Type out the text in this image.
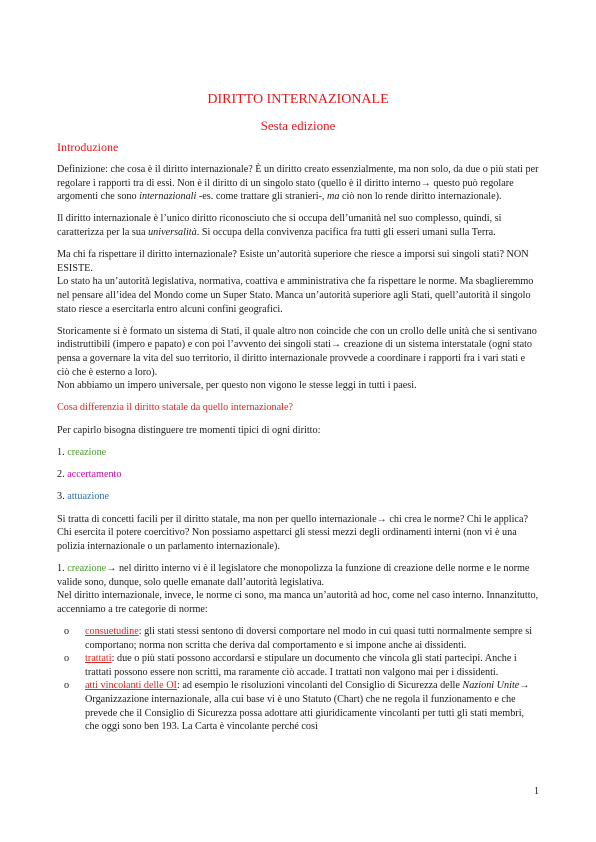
DIRITTO INTERNAZIONALE
Sesta edizione
Introduzione

Definizione: che cosa è il diritto internazionale? È un diritto creato essenzialmente, ma non solo, da due o più stati per regolare i rapporti tra di essi. Non è il diritto di un singolo stato (quello è il diritto interno→ questo può regolare argomenti che sono internazionali -es. come trattare gli stranieri-, ma ciò non lo rende diritto internazionale).

Il diritto internazionale è l’unico diritto riconosciuto che si occupa dell’umanità nel suo complesso, quindi, si caratterizza per la sua universalità. Si occupa della convivenza pacifica fra tutti gli esseri umani sulla Terra.

Ma chi fa rispettare il diritto internazionale? Esiste un’autorità superiore che riesce a imporsi sui singoli stati? NON ESISTE.
Lo stato ha un’autorità legislativa, normativa, coattiva e amministrativa che fa rispettare le norme. Ma sbaglieremmo nel pensare all’idea del Mondo come un Super Stato. Manca un’autorità superiore agli Stati, quell’autorità il singolo stato riesce a esercitarla entro alcuni confini geografici.

Storicamente si è formato un sistema di Stati, il quale altro non coincide che con un crollo delle unità che si sentivano indistruttibili (impero e papato) e con poi l’avvento dei singoli stati→ creazione di un sistema interstatale (ogni stato pensa a governare la vita del suo territorio, il diritto internazionale provvede a coordinare i rapporti fra i vari stati e ciò che è esterno a loro).
Non abbiamo un impero universale, per questo non vigono le stesse leggi in tutti i paesi.

Cosa differenzia il diritto statale da quello internazionale?

Per capirlo bisogna distinguere tre momenti tipici di ogni diritto:

1. creazione

2. accertamento

3. attuazione

Si tratta di concetti facili per il diritto statale, ma non per quello internazionale→ chi crea le norme? Chi le applica? Chi esercita il potere coercitivo? Non possiamo aspettarci gli stessi mezzi degli ordinamenti interni (non vi è una polizia internazionale o un parlamento internazionale).

1. creazione→ nel diritto interno vi è il legislatore che monopolizza la funzione di creazione delle norme e le norme valide sono, dunque, solo quelle emanate dall’autorità legislativa.
Nel diritto internazionale, invece, le norme ci sono, ma manca un’autorità ad hoc, come nel caso interno. Innanzitutto, accenniamo a tre categorie di norme:

o consuetudine: gli stati stessi sentono di doversi comportare nel modo in cui quasi tutti normalmente sempre si comportano; norma non scritta che deriva dal comportamento e si impone anche ai dissidenti.
o trattati: due o più stati possono accordarsi e stipulare un documento che vincola gli stati partecipi. Anche i trattati possono essere non scritti, ma raramente ciò accade. I trattati non valgono mai per i dissidenti.
o atti vincolanti delle OI: ad esempio le risoluzioni vincolanti del Consiglio di Sicurezza delle Nazioni Unite→ Organizzazione internazionale, alla cui base vi è uno Statuto (Chart) che ne regola il funzionamento e che prevede che il Consiglio di Sicurezza possa adottare atti giuridicamente vincolanti per tutti gli stati membri, che oggi sono ben 193. La Carta è vincolante perché così
1
